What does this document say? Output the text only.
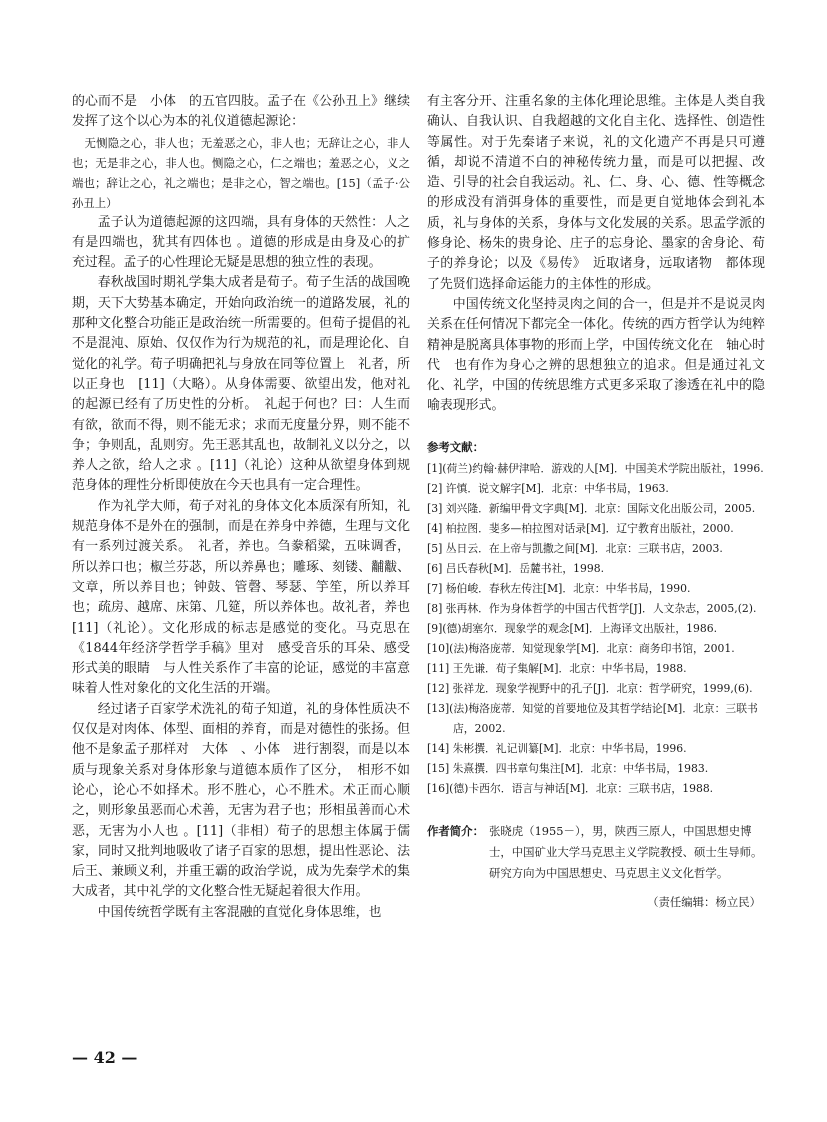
的心而不是　小体　的五官四肢。孟子在《公孙丑上》继续发挥了这个以心为本的礼仪道德起源论：

无恻隐之心，非人也；无羞恶之心，非人也；无辞让之心，非人也；无是非之心，非人也。恻隐之心，仁之端也；羞恶之心，义之端也；辞让之心，礼之端也；是非之心，智之端也。[15]（孟子·公孙丑上）

孟子认为道德起源的这四端，具有身体的天然性：人之有是四端也，犹其有四体也 。道德的形成是由身及心的扩充过程。孟子的心性理论无疑是思想的独立性的表现。

春秋战国时期礼学集大成者是荀子。荀子生活的战国晚期，天下大势基本确定，开始向政治统一的道路发展，礼的那种文化整合功能正是政治统一所需要的。但荀子提倡的礼不是混沌、原始、仅仅作为行为规范的礼，而是理论化、自觉化的礼学。荀子明确把礼与身放在同等位置上　礼者，所以正身也　[11]（大略）。从身体需要、欲望出发，他对礼的起源已经有了历史性的分析。　礼起于何也？曰：人生而有欲，欲而不得，则不能无求；求而无度量分界，则不能不争；争则乱，乱则穷。先王恶其乱也，故制礼义以分之，以养人之欲，给人之求 。[11]（礼论）这种从欲望身体到规范身体的理性分析即使放在今天也具有一定合理性。

作为礼学大师，荀子对礼的身体文化本质深有所知，礼规范身体不是外在的强制，而是在养身中养德，生理与文化有一系列过渡关系。　礼者，养也。刍豢稻粱，五味调香，所以养口也；椒兰芬苾，所以养鼻也；雕琢、刻镂、黼黻、文章，所以养目也；钟鼓、管磬、琴瑟、竽笙，所以养耳也；疏房、越席、床第、几筵，所以养体也。故礼者，养也 [11]（礼论）。文化形成的标志是感觉的变化。马克思在《1844年经济学哲学手稿》里对　感受音乐的耳朵、感受形式美的眼睛　与人性关系作了丰富的论证，感觉的丰富意味着人性对象化的文化生活的开端。

经过诸子百家学术洗礼的荀子知道，礼的身体性质决不仅仅是对肉体、体型、面相的养育，而是对德性的张扬。但他不是象孟子那样对　大体　、小体　进行割裂，而是以本质与现象关系对身体形象与道德本质作了区分，　相形不如论心，论心不如择术。形不胜心，心不胜术。术正而心顺之，则形象虽恶而心术善，无害为君子也；形相虽善而心术恶，无害为小人也 。[11]（非相）荀子的思想主体属于儒家，同时又批判地吸收了诸子百家的思想，提出性恶论、法后王、兼顾义利，并重王霸的政治学说，成为先秦学术的集大成者，其中礼学的文化整合性无疑起着很大作用。

中国传统哲学既有主客混融的直觉化身体思维，也

有主客分开、注重名象的主体化理论思维。主体是人类自我确认、自我认识、自我超越的文化自主化、选择性、创造性等属性。对于先秦诸子来说，礼的文化遗产不再是只可遵循，却说不清道不白的神秘传统力量，而是可以把握、改造、引导的社会自我运动。礼、仁、身、心、德、性等概念的形成没有消弭身体的重要性，而是更自觉地体会到礼本质，礼与身体的关系，身体与文化发展的关系。思孟学派的修身论、杨朱的贵身论、庄子的忘身论、墨家的舍身论、荀子的养身论；以及《易传》　近取诸身，远取诸物　都体现了先贤们选择命运能力的主体性的形成。

中国传统文化坚持灵肉之间的合一，但是并不是说灵肉关系在任何情况下都完全一体化。传统的西方哲学认为纯粹精神是脱离具体事物的形而上学，中国传统文化在　轴心时代　也有作为身心之辨的思想独立的追求。但是通过礼文化、礼学，中国的传统思维方式更多采取了渗透在礼中的隐喻表现形式。

参考文献：
[1](荷兰)约翰·赫伊津哈．游戏的人[M]．中国美术学院出版社，1996.
[2] 许慎．说文解字[M]．北京：中华书局，1963.
[3] 刘兴隆．新编甲骨文字典[M]．北京：国际文化出版公司，2005.
[4] 柏拉图．斐多—柏拉图对话录[M]．辽宁教育出版社，2000.
[5] 丛日云．在上帝与凯撒之间[M]．北京：三联书店，2003.
[6] 吕氏春秋[M]．岳麓书社，1998.
[7] 杨伯峻．春秋左传注[M]．北京：中华书局，1990.
[8] 张再林．作为身体哲学的中国古代哲学[J]．人文杂志，2005,(2).
[9](德)胡塞尔．现象学的观念[M]．上海译文出版社，1986.
[10](法)梅洛庞蒂．知觉现象学[M]．北京：商务印书馆，2001.
[11] 王先谦．荀子集解[M]．北京：中华书局，1988.
[12] 张祥龙．现象学视野中的孔子[J]．北京：哲学研究，1999,(6).
[13](法)梅洛庞蒂．知觉的首要地位及其哲学结论[M]．北京：三联书店，2002.
[14] 朱彬撰．礼记训纂[M]．北京：中华书局，1996.
[15] 朱熹撰．四书章句集注[M]．北京：中华书局，1983.
[16](德)卡西尔．语言与神话[M]．北京：三联书店，1988.
作者简介： 张晓虎（1955－），男，陕西三原人，中国思想史博士，中国矿业大学马克思主义学院教授、硕士生导师。研究方向为中国思想史、马克思主义文化哲学。
（责任编辑：杨立民）
— 42 —
